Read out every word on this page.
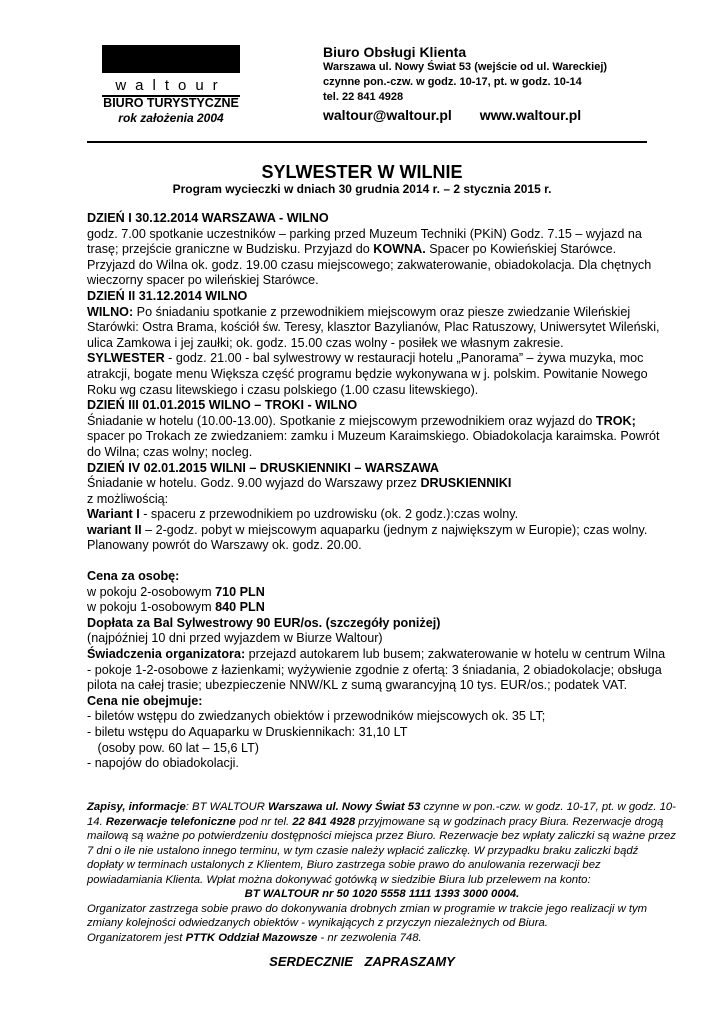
waltour
BIURO TURYSTYCZNE
rok założenia 2004
Biuro Obsługi Klienta
Warszawa ul. Nowy Świat 53 (wejście od ul. Wareckiej)
czynne pon.-czw. w godz. 10-17, pt. w godz. 10-14
tel. 22 841 4928
waltour@waltour.pl www.waltour.pl
SYLWESTER W WILNIE
Program wycieczki w dniach 30 grudnia 2014 r. – 2 stycznia 2015 r.

DZIEŃ I 30.12.2014 WARSZAWA - WILNO

godz. 7.00 spotkanie uczestników – parking przed Muzeum Techniki (PKiN) Godz. 7.15 – wyjazd na trasę; przejście graniczne w Budzisku. Przyjazd do KOWNA. Spacer po Kowieńskiej Starówce. Przyjazd do Wilna ok. godz. 19.00 czasu miejscowego; zakwaterowanie, obiadokolacja. Dla chętnych wieczorny spacer po wileńskiej Starówce.

DZIEŃ II 31.12.2014 WILNO

WILNO: Po śniadaniu spotkanie z przewodnikiem miejscowym oraz piesze zwiedzanie Wileńskiej Starówki: Ostra Brama, kościół św. Teresy, klasztor Bazylianów, Plac Ratuszowy, Uniwersytet Wileński, ulica Zamkowa i jej zaułki; ok. godz. 15.00 czas wolny - posiłek we własnym zakresie.

SYLWESTER - godz. 21.00 - bal sylwestrowy w restauracji hotelu „Panorama” – żywa muzyka, moc atrakcji, bogate menu Większa część programu będzie wykonywana w j. polskim. Powitanie Nowego Roku wg czasu litewskiego i czasu polskiego (1.00 czasu litewskiego).

DZIEŃ III 01.01.2015 WILNO – TROKI - WILNO

Śniadanie w hotelu (10.00-13.00). Spotkanie z miejscowym przewodnikiem oraz wyjazd do TROK; spacer po Trokach ze zwiedzaniem: zamku i Muzeum Karaimskiego. Obiadokolacja karaimska. Powrót do Wilna; czas wolny; nocleg.

DZIEŃ IV 02.01.2015 WILNI – DRUSKIENNIKI – WARSZAWA

Śniadanie w hotelu. Godz. 9.00 wyjazd do Warszawy przez DRUSKIENNIKI

z możliwością:

Wariant I - spaceru z przewodnikiem po uzdrowisku (ok. 2 godz.):czas wolny.

wariant II – 2-godz. pobyt w miejscowym aquaparku (jednym z największym w Europie); czas wolny. Planowany powrót do Warszawy ok. godz. 20.00.

Cena za osobę:

w pokoju 2-osobowym 710 PLN

w pokoju 1-osobowym 840 PLN

Dopłata za Bal Sylwestrowy 90 EUR/os. (szczegóły poniżej)

(najpóźniej 10 dni przed wyjazdem w Biurze Waltour)

Świadczenia organizatora: przejazd autokarem lub busem; zakwaterowanie w hotelu w centrum Wilna - pokoje 1-2-osobowe z łazienkami; wyżywienie zgodnie z ofertą: 3 śniadania, 2 obiadokolacje; obsługa pilota na całej trasie; ubezpieczenie NNW/KL z sumą gwarancyjną 10 tys. EUR/os.; podatek VAT.

Cena nie obejmuje:

- biletów wstępu do zwiedzanych obiektów i przewodników miejscowych ok. 35 LT;

- biletu wstępu do Aquaparku w Druskiennikach: 31,10 LT

(osoby pow. 60 lat – 15,6 LT)

- napojów do obiadokolacji.

Zapisy, informacje: BT WALTOUR Warszawa ul. Nowy Świat 53 czynne w pon.-czw. w godz. 10-17, pt. w godz. 10-14. Rezerwacje telefoniczne pod nr tel. 22 841 4928 przyjmowane są w godzinach pracy Biura. Rezerwacje drogą mailową są ważne po potwierdzeniu dostępności miejsca przez Biuro. Rezerwacje bez wpłaty zaliczki są ważne przez 7 dni o ile nie ustalono innego terminu, w tym czasie należy wpłacić zaliczkę. W przypadku braku zaliczki bądź dopłaty w terminach ustalonych z Klientem, Biuro zastrzega sobie prawo do anulowania rezerwacji bez powiadamiania Klienta. Wpłat można dokonywać gotówką w siedzibie Biura lub przelewem na konto:

BT WALTOUR nr 50 1020 5558 1111 1393 3000 0004.

Organizator zastrzega sobie prawo do dokonywania drobnych zmian w programie w trakcie jego realizacji w tym zmiany kolejności odwiedzanych obiektów - wynikających z przyczyn niezależnych od Biura.

Organizatorem jest PTTK Oddział Mazowsze - nr zezwolenia 748.

SERDECZNIE ZAPRASZAMY
